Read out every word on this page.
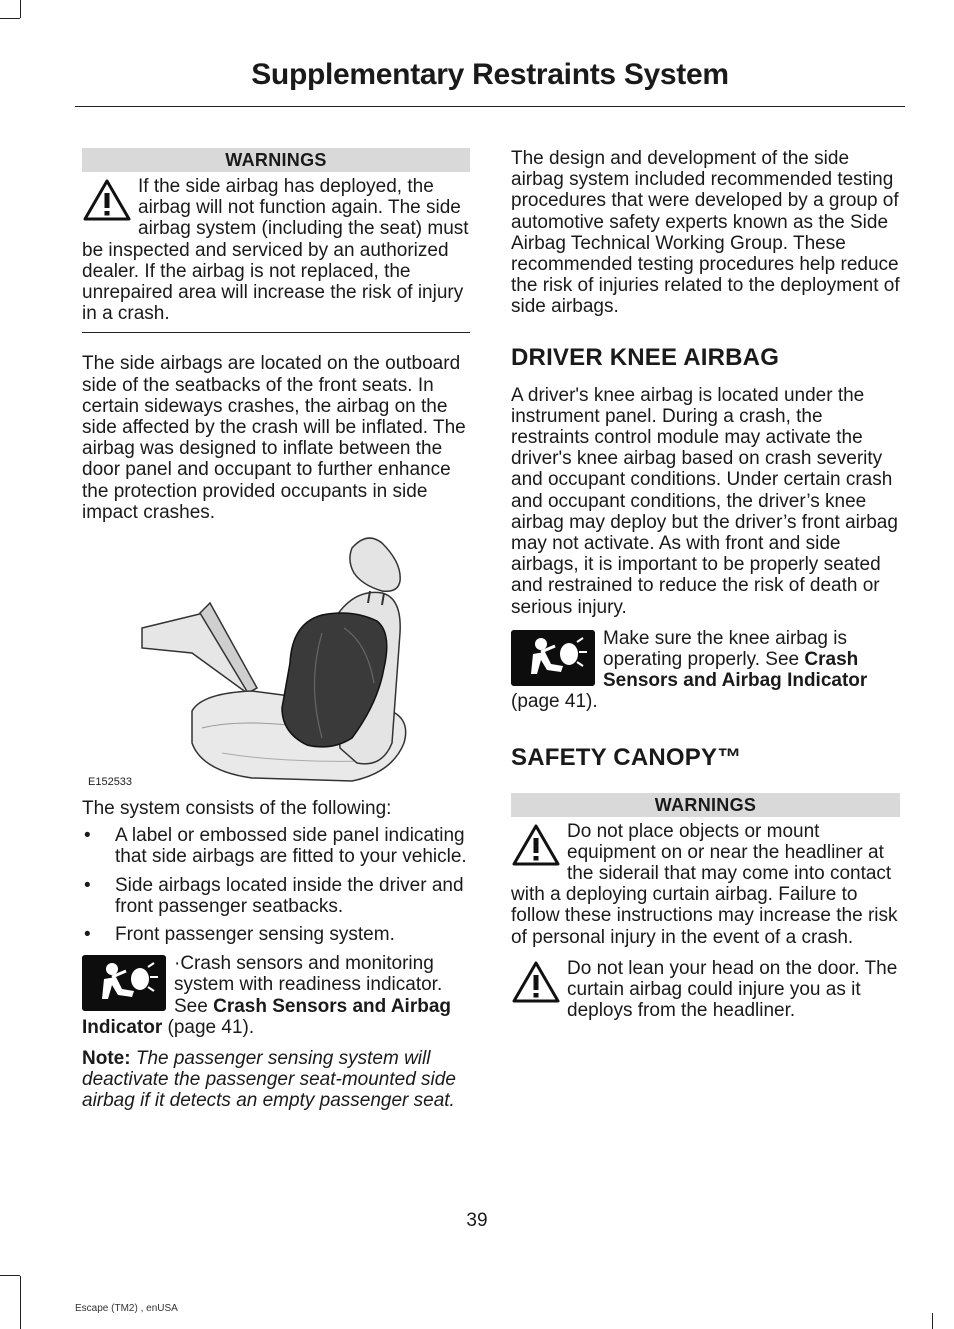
Supplementary Restraints System
WARNINGS

If the side airbag has deployed, the airbag will not function again. The side airbag system (including the seat) must be inspected and serviced by an authorized dealer. If the airbag is not replaced, the unrepaired area will increase the risk of injury in a crash.

The side airbags are located on the outboard side of the seatbacks of the front seats. In certain sideways crashes, the airbag on the side affected by the crash will be inflated. The airbag was designed to inflate between the door panel and occupant to further enhance the protection provided occupants in side impact crashes.

E152533

The system consists of the following:

• A label or embossed side panel indicating that side airbags are fitted to your vehicle.
• Side airbags located inside the driver and front passenger seatbacks.
• Front passenger sensing system.

·Crash sensors and monitoring system with readiness indicator. See Crash Sensors and Airbag Indicator (page 41).

Note: The passenger sensing system will deactivate the passenger seat-mounted side airbag if it detects an empty passenger seat.

The design and development of the side airbag system included recommended testing procedures that were developed by a group of automotive safety experts known as the Side Airbag Technical Working Group. These recommended testing procedures help reduce the risk of injuries related to the deployment of side airbags.

DRIVER KNEE AIRBAG

A driver's knee airbag is located under the instrument panel. During a crash, the restraints control module may activate the driver's knee airbag based on crash severity and occupant conditions. Under certain crash and occupant conditions, the driver’s knee airbag may deploy but the driver’s front airbag may not activate. As with front and side airbags, it is important to be properly seated and restrained to reduce the risk of death or serious injury.

Make sure the knee airbag is operating properly. See Crash Sensors and Airbag Indicator (page 41).

SAFETY CANOPY™
WARNINGS

Do not place objects or mount equipment on or near the headliner at the siderail that may come into contact with a deploying curtain airbag. Failure to follow these instructions may increase the risk of personal injury in the event of a crash.

Do not lean your head on the door. The curtain airbag could injure you as it deploys from the headliner.

39
Escape (TM2) , enUSA
